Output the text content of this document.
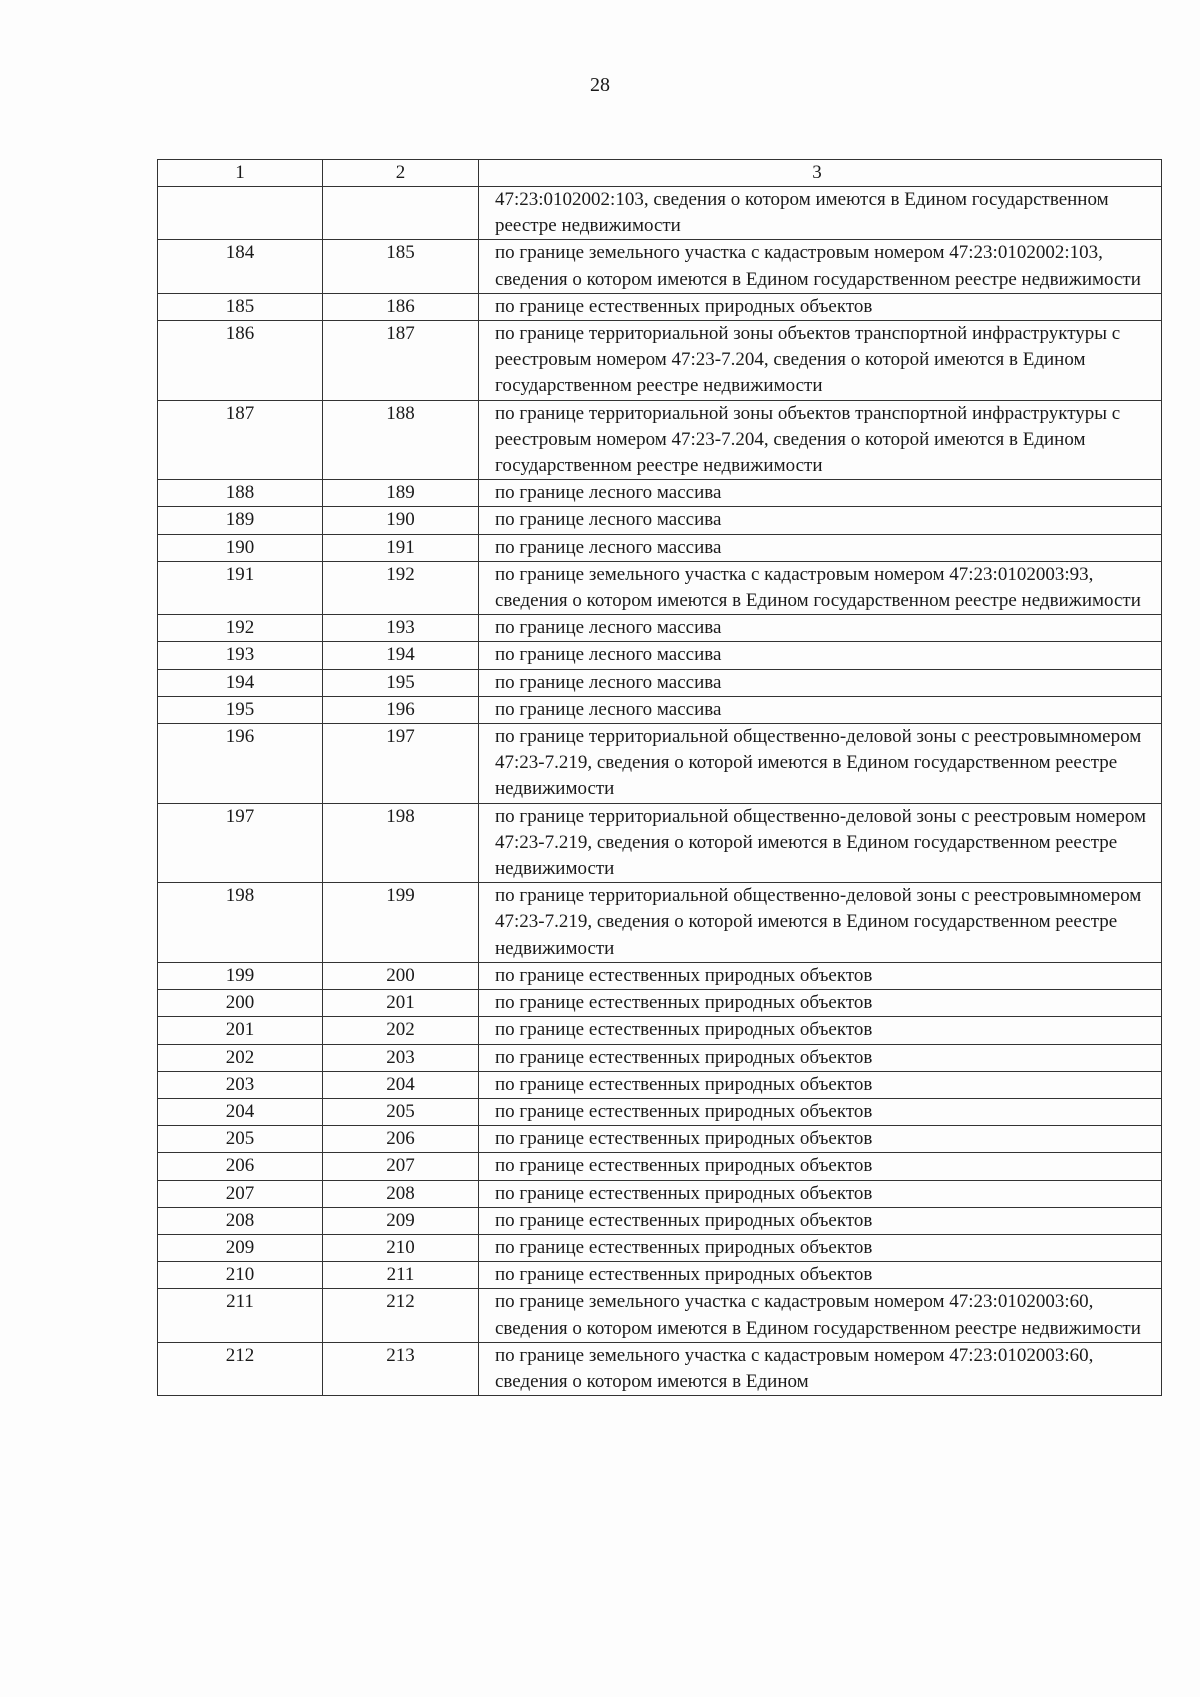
28
1	2	3
		47:23:0102002:103, сведения о котором имеются в Едином государственном реестре недвижимости
184	185	по границе земельного участка с кадастровым номером 47:23:0102002:103, сведения о котором имеются в Едином государственном реестре недвижимости
185	186	по границе естественных природных объектов
186	187	по границе территориальной зоны объектов транспортной инфраструктуры с реестровым номером 47:23-7.204, сведения о которой имеются в Едином государственном реестре недвижимости
187	188	по границе территориальной зоны объектов транспортной инфраструктуры с реестровым номером 47:23-7.204, сведения о которой имеются в Едином государственном реестре недвижимости
188	189	по границе лесного массива
189	190	по границе лесного массива
190	191	по границе лесного массива
191	192	по границе земельного участка с кадастровым номером 47:23:0102003:93, сведения о котором имеются в Едином государственном реестре недвижимости
192	193	по границе лесного массива
193	194	по границе лесного массива
194	195	по границе лесного массива
195	196	по границе лесного массива
196	197	по границе территориальной общественно-деловой зоны с реестровымномером 47:23-7.219, сведения о которой имеются в Едином государственном реестре недвижимости
197	198	по границе территориальной общественно-деловой зоны с реестровым номером 47:23-7.219, сведения о которой имеются в Едином государственном реестре недвижимости
198	199	по границе территориальной общественно-деловой зоны с реестровымномером 47:23-7.219, сведения о которой имеются в Едином государственном реестре недвижимости
199	200	по границе естественных природных объектов
200	201	по границе естественных природных объектов
201	202	по границе естественных природных объектов
202	203	по границе естественных природных объектов
203	204	по границе естественных природных объектов
204	205	по границе естественных природных объектов
205	206	по границе естественных природных объектов
206	207	по границе естественных природных объектов
207	208	по границе естественных природных объектов
208	209	по границе естественных природных объектов
209	210	по границе естественных природных объектов
210	211	по границе естественных природных объектов
211	212	по границе земельного участка с кадастровым номером 47:23:0102003:60, сведения о котором имеются в Едином государственном реестре недвижимости
212	213	по границе земельного участка с кадастровым номером 47:23:0102003:60, сведения о котором имеются в Едином
